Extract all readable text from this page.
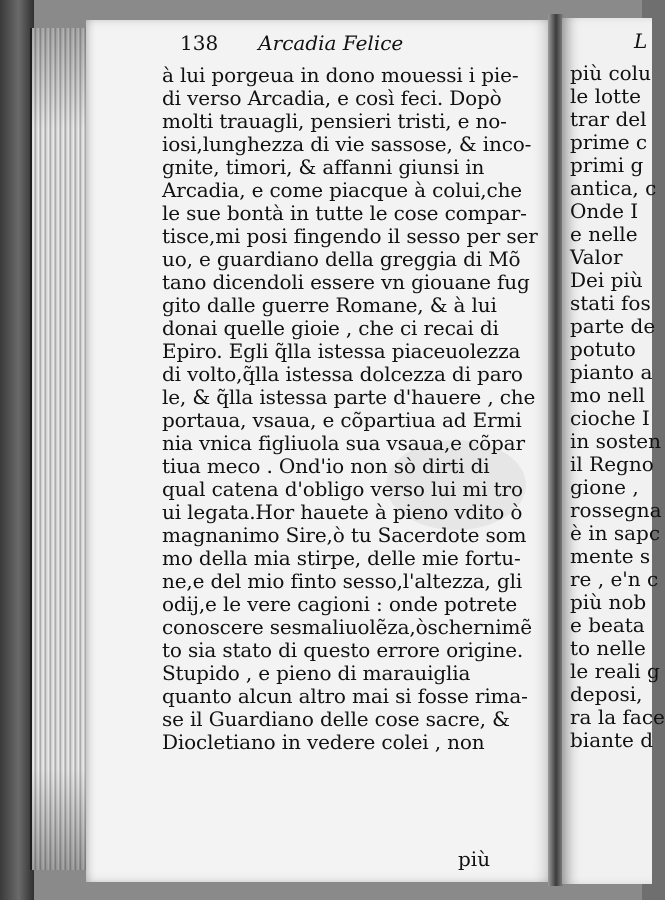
138 Arcadia Felice
à lui porgeua in dono mouessi i pie-
di verso Arcadia, e così feci. Dopò
molti trauagli, pensieri tristi, e no-
iosi,lunghezza di vie sassose, & inco-
gnite, timori, & affanni giunsi in
Arcadia, e come piacque à colui,che
le sue bontà in tutte le cose compar-
tisce,mi posi fingendo il sesso per ser
uo, e guardiano della greggia di Mõ
tano dicendoli essere vn giouane fug
gito dalle guerre Romane, & à lui
donai quelle gioie , che ci recai di
Epiro. Egli q̃lla istessa piaceuolezza
di volto,q̃lla istessa dolcezza di paro
le, & q̃lla istessa parte d'hauere , che
portaua, vsaua, e cõpartiua ad Ermi
nia vnica figliuola sua vsaua,e cõpar
tiua meco . Ond'io non sò dirti di
qual catena d'obligo verso lui mi tro
ui legata.Hor hauete à pieno vdito ò
magnanimo Sire,ò tu Sacerdote som
mo della mia stirpe, delle mie fortu-
ne,e del mio finto sesso,l'altezza, gli
odij,e le vere cagioni : onde potrete
conoscere sesmaliuolẽza,òschernimẽ
to sia stato di questo errore origine.
Stupido , e pieno di marauiglia
quanto alcun altro mai si fosse rima-
se il Guardiano delle cose sacre, &
Diocletiano in vedere colei , non
più
L
più colu
le lotte
trar del
prime c
primi g
antica, c
Onde I
e nelle
Valor
Dei più
stati fos
parte de
potuto
pianto a
mo nell
cioche I
in sosten
il Regno
gione ,
rossegna
è in sapc
mente s
re , e'n c
più nob
e beata
to nelle
le reali g
deposi,
ra la face
biante d
